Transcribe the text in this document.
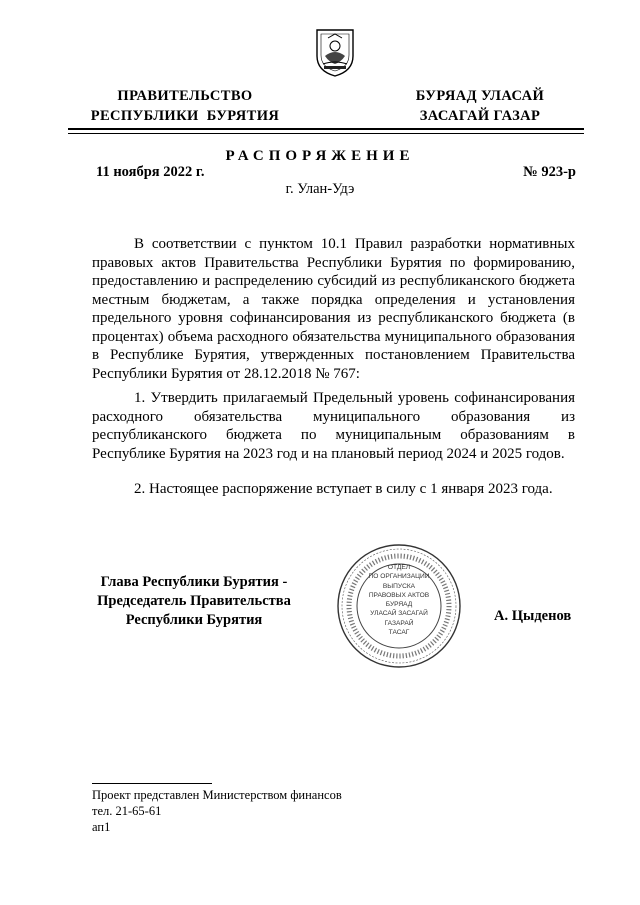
ПРАВИТЕЛЬСТВО
РЕСПУБЛИКИ  БУРЯТИЯ
БУРЯАД УЛАСАЙ
ЗАСАГАЙ ГАЗАР
РАСПОРЯЖЕНИЕ
11 ноября 2022 г.	№ 923-р
г. Улан-Удэ
В соответствии с пунктом 10.1 Правил разработки нормативных правовых актов Правительства Республики Бурятия по формированию, предоставлению и распределению субсидий из республиканского бюджета местным бюджетам, а также порядка определения и установления предельного уровня софинансирования из республиканского бюджета (в процентах) объема расходного обязательства муниципального образования в Республике Бурятия, утвержденных постановлением Правительства Республики Бурятия от 28.12.2018 № 767:
1. Утвердить прилагаемый Предельный уровень софинансирования расходного обязательства муниципального образования из республиканского бюджета по муниципальным образованиям в Республике Бурятия на 2023 год и на плановый период 2024 и 2025 годов.
2. Настоящее распоряжение вступает в силу с 1 января 2023 года.
Глава Республики Бурятия -
Председатель Правительства
Республики Бурятия	А. Цыденов
ОТДЕЛ
ПО ОРГАНИЗАЦИИ
ВЫПУСКА
ПРАВОВЫХ АКТОВ
БУРЯАД
УЛАСАЙ ЗАСАГАЙ
ГАЗАРАЙ
ТАСАГ
Проект представлен Министерством финансов
тел. 21-65-61
ап1
